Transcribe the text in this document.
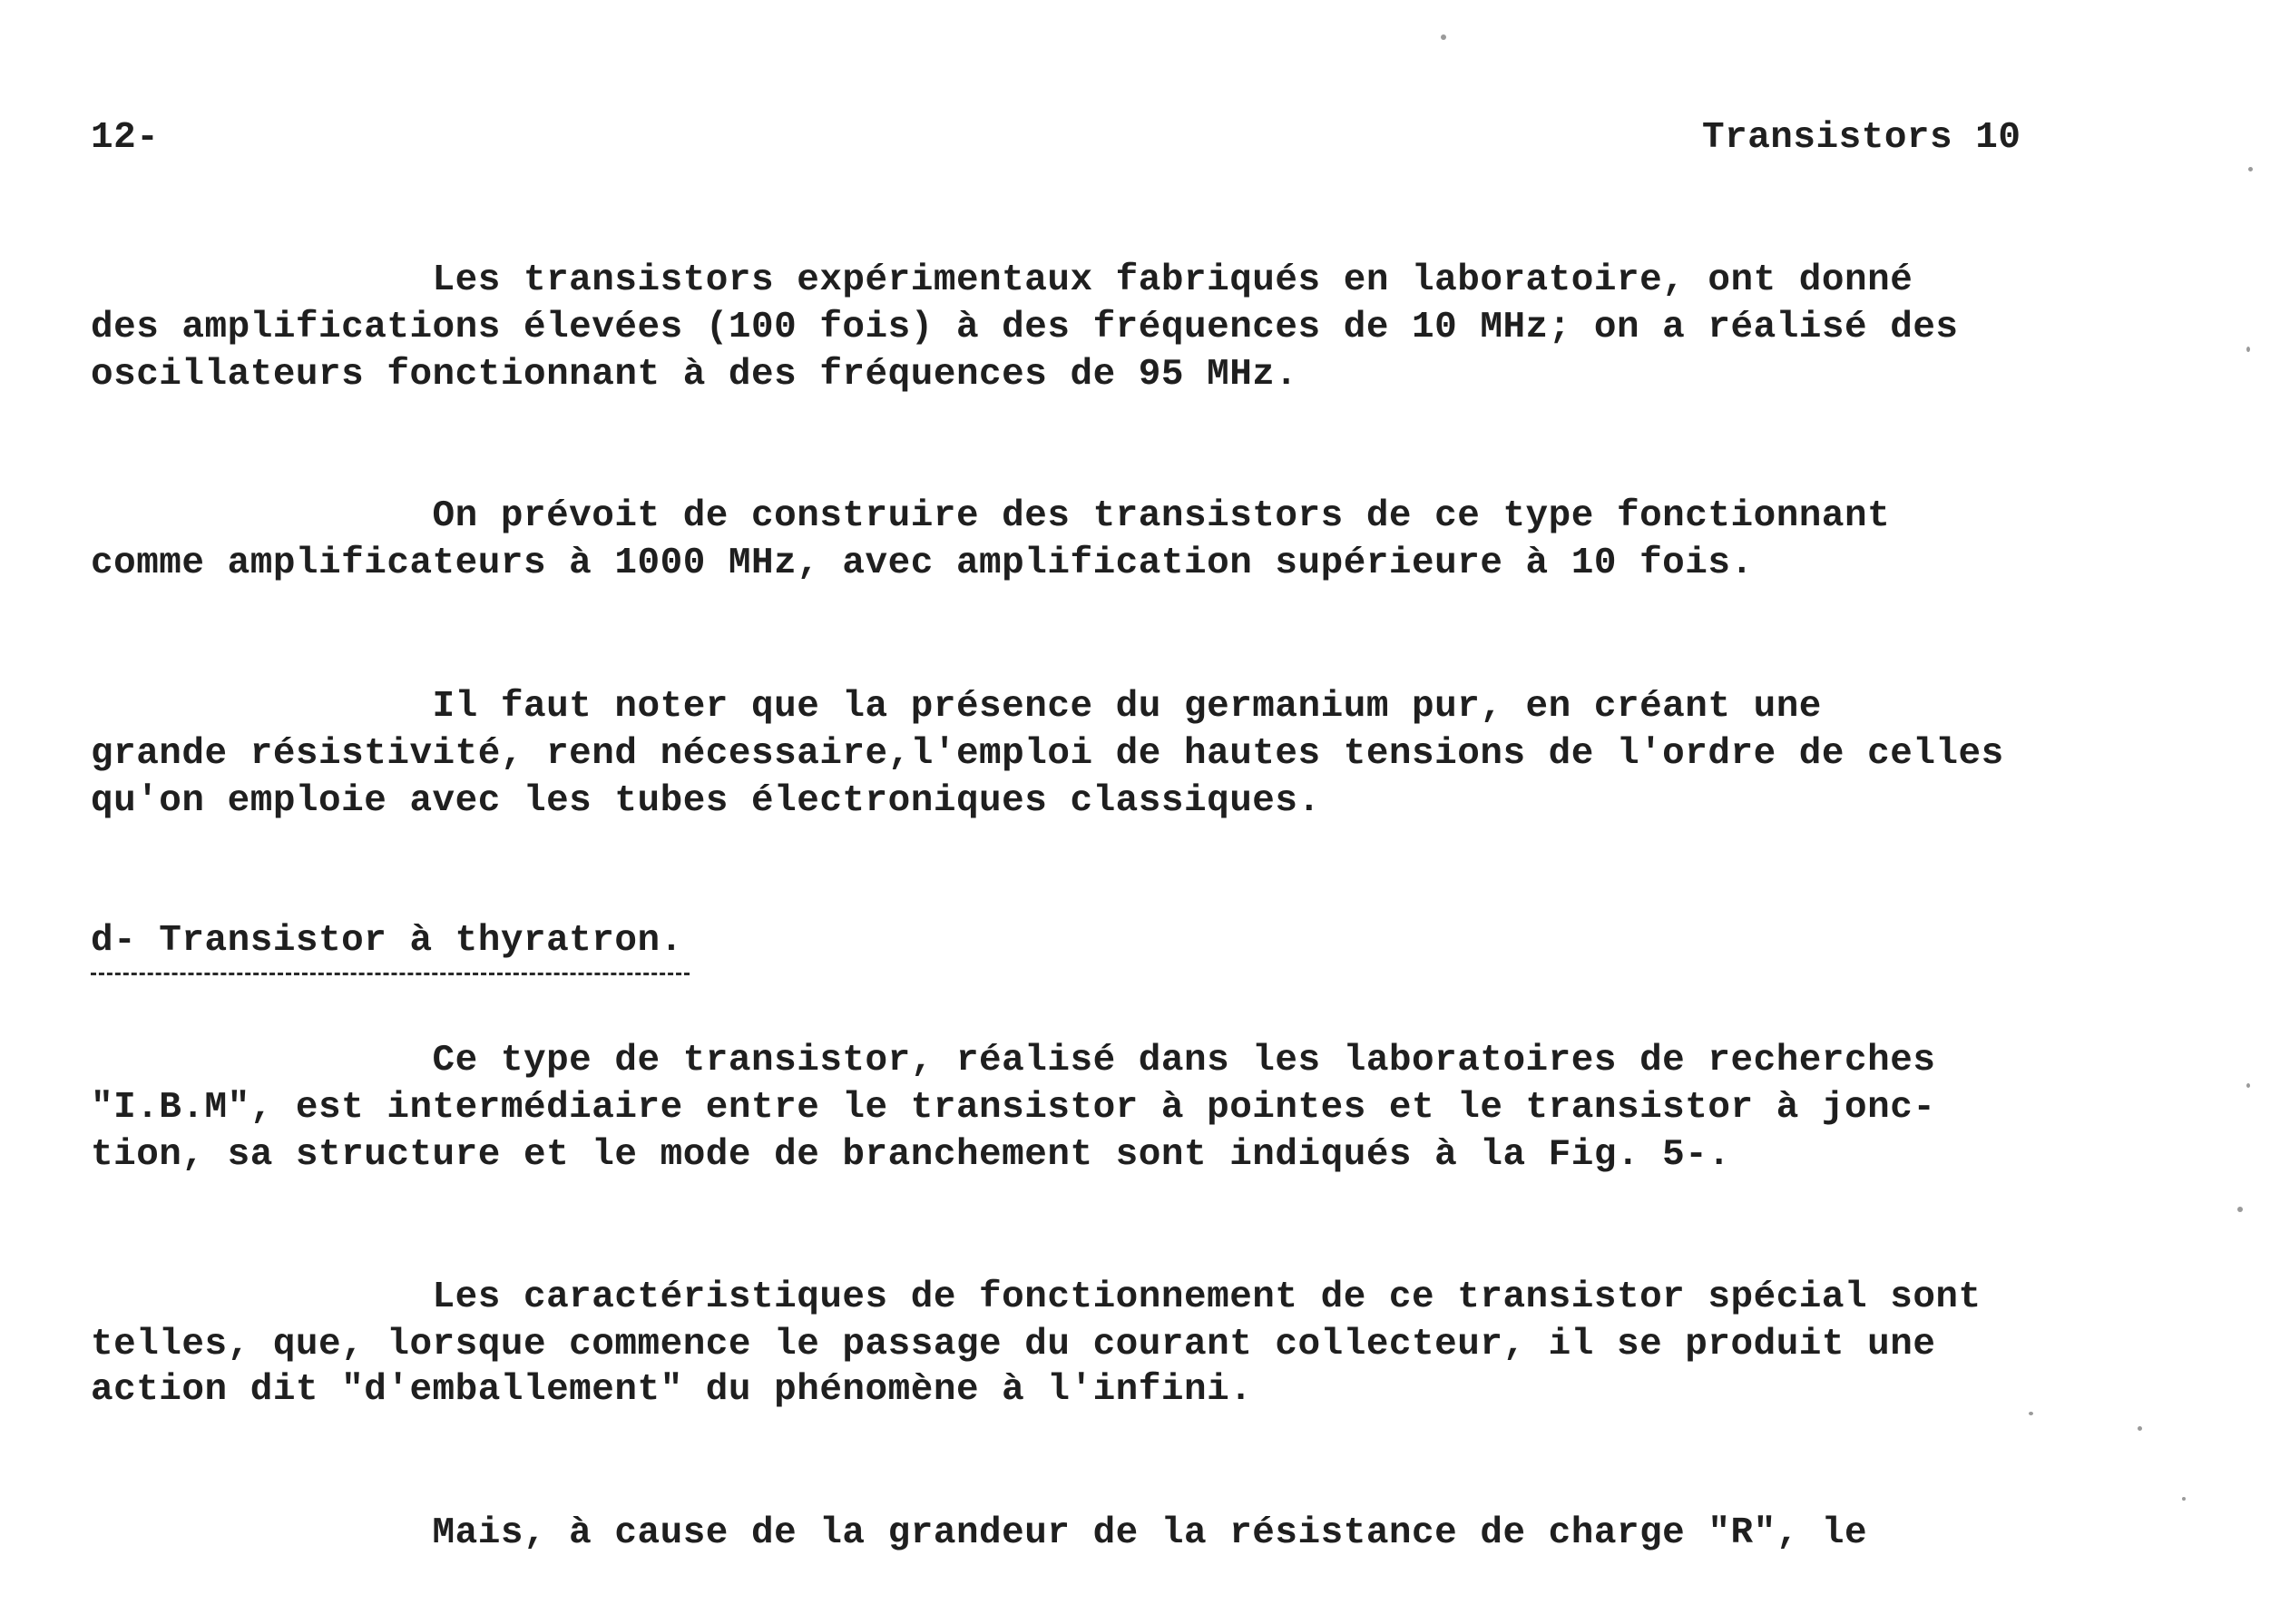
12-	Transistors 10
Les transistors expérimentaux fabriqués en laboratoire, ont donné
des amplifications élevées (100 fois) à des fréquences de 10 MHz; on a réalisé des
oscillateurs fonctionnant à des fréquences de 95 MHz.
On prévoit de construire des transistors de ce type fonctionnant
comme amplificateurs à 1000 MHz, avec amplification supérieure à 10 fois.
Il faut noter que la présence du germanium pur, en créant une
grande résistivité, rend nécessaire,l'emploi de hautes tensions de l'ordre de celles
qu'on emploie avec les tubes électroniques classiques.
d- Transistor à thyratron.
Ce type de transistor, réalisé dans les laboratoires de recherches
"I.B.M", est intermédiaire entre le transistor à pointes et le transistor à jonc-
tion, sa structure et le mode de branchement sont indiqués à la Fig. 5-.
Les caractéristiques de fonctionnement de ce transistor spécial sont
telles, que, lorsque commence le passage du courant collecteur, il se produit une
action dit "d'emballement" du phénomène à l'infini.
Mais, à cause de la grandeur de la résistance de charge "R", le
